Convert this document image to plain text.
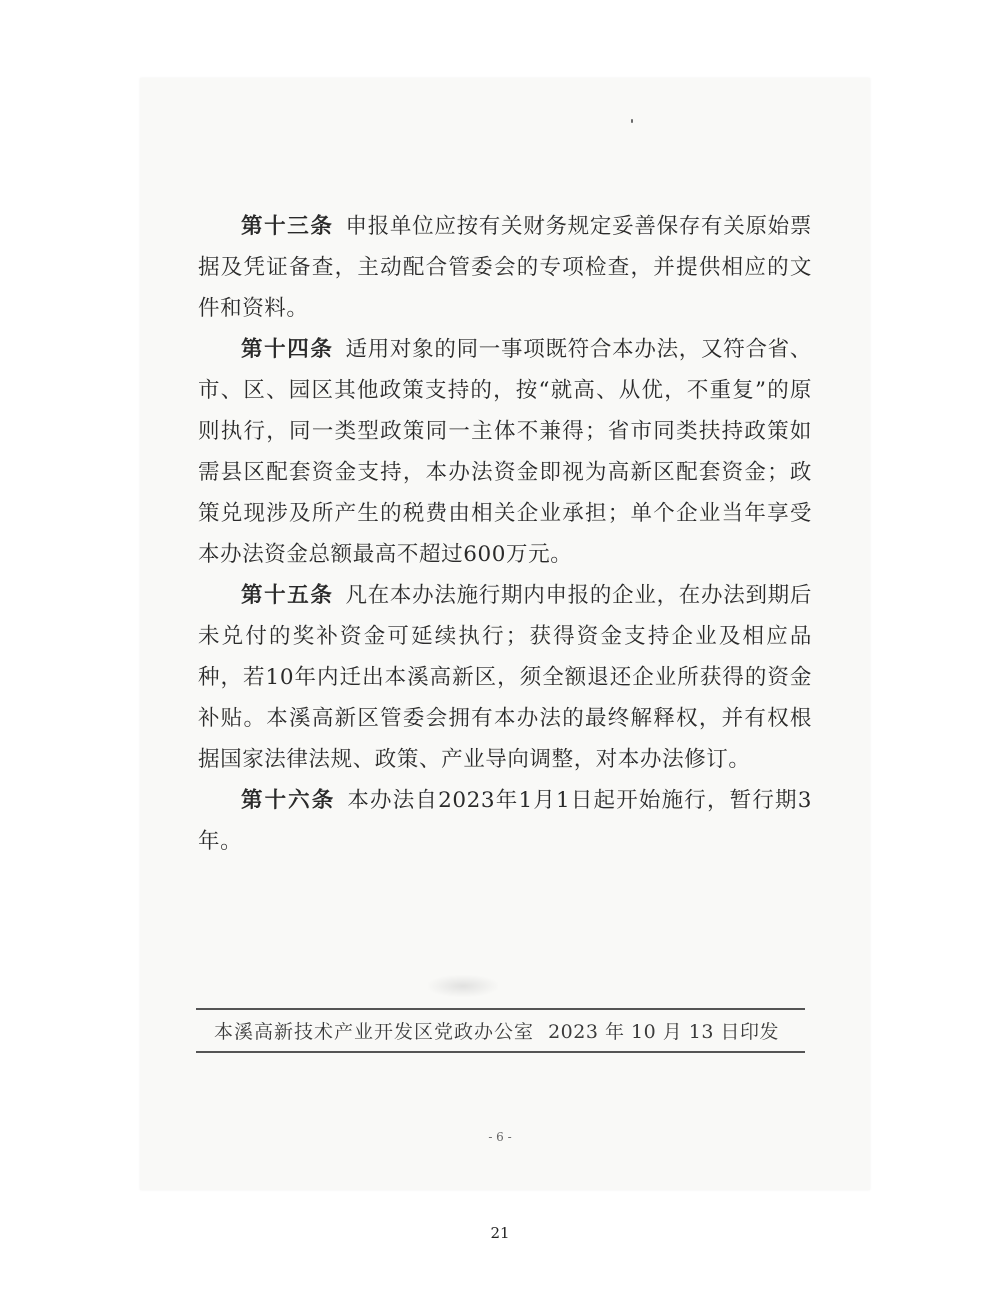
第十三条 申报单位应按有关财务规定妥善保存有关原始票据及凭证备查，主动配合管委会的专项检查，并提供相应的文件和资料。

第十四条 适用对象的同一事项既符合本办法，又符合省、市、区、园区其他政策支持的，按“就高、从优，不重复”的原则执行，同一类型政策同一主体不兼得；省市同类扶持政策如需县区配套资金支持，本办法资金即视为高新区配套资金；政策兑现涉及所产生的税费由相关企业承担；单个企业当年享受本办法资金总额最高不超过600万元。

第十五条 凡在本办法施行期内申报的企业，在办法到期后未兑付的奖补资金可延续执行；获得资金支持企业及相应品种，若10年内迁出本溪高新区，须全额退还企业所获得的资金补贴。本溪高新区管委会拥有本办法的最终解释权，并有权根据国家法律法规、政策、产业导向调整，对本办法修订。

第十六条 本办法自2023年1月1日起开始施行，暂行期3年。

本溪高新技术产业开发区党政办公室 2023 年 10 月 13 日印发
- 6 -
21
